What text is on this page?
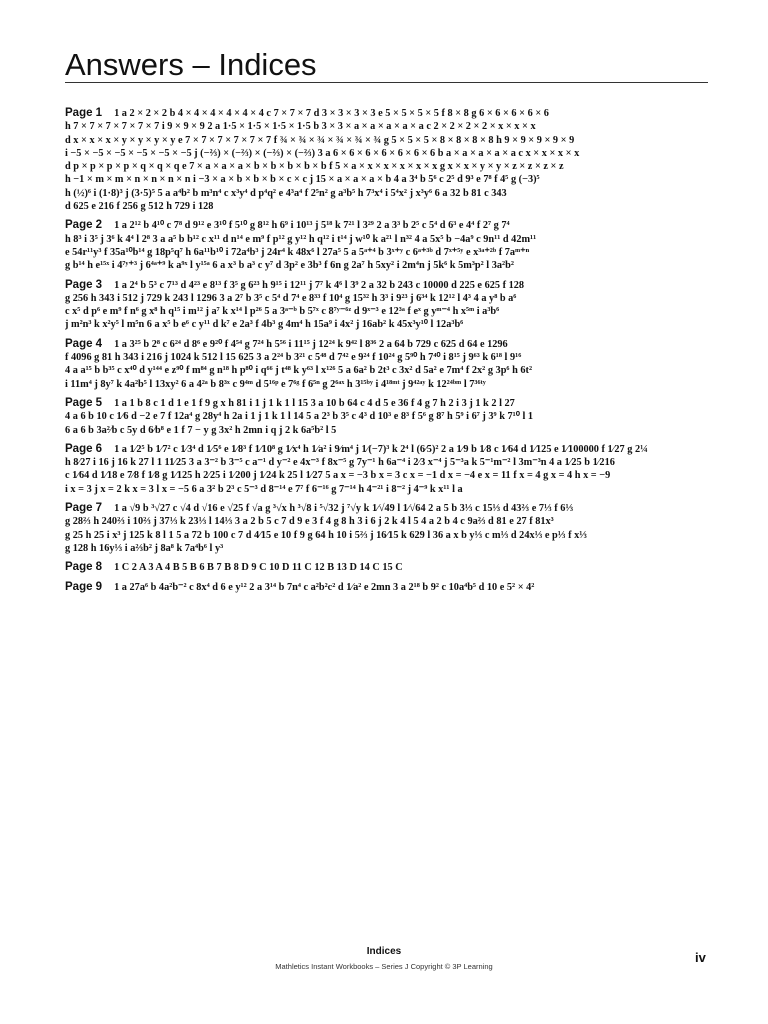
Answers – Indices
Page 1 1 a 2 × 2 × 2 b 4 × 4 × 4 × 4 × 4 × 4 c 7 × 7 × 7 d 3 × 3 × 3 × 3 e 5 × 5 × 5 × 5 f 8 × 8 g 6 × 6 × 6 × 6 × 6
h 7 × 7 × 7 × 7 × 7 × 7 i 9 × 9 × 9 2 a 1·5 × 1·5 × 1·5 × 1·5 b 3 × 3 × a × a × a × a × a c 2 × 2 × 2 × 2 × x × x × x
d x × x × x × y × y × y × y e 7 × 7 × 7 × 7 × 7 × 7 f ¾ × ¾ × ¾ × ¾ × ¾ × ¾ g 5 × 5 × 5 × 8 × 8 × 8 × 8 h 9 × 9 × 9 × 9 × 9
i −5 × −5 × −5 × −5 × −5 × −5 j (−⅔) × (−⅔) × (−⅔) × (−⅔) 3 a 6 × 6 × 6 × 6 × 6 × 6 × 6 b a × a × a × a × a c x × x × x × x
d p × p × p × p × q × q × q e 7 × a × a × a × b × b × b × b × b f 5 × a × x × x × x × x × x g x × x × y × y × z × z × z × z
h −1 × m × m × n × n × n × n i −3 × a × b × b × b × c × c j 15 × a × a × a × b 4 a 3⁴ b 5⁶ c 2⁵ d 9³ e 7⁸ f 4⁵ g (−3)⁵
h (½)⁶ i (1·8)³ j (3·5)⁵ 5 a a⁴b² b m³n⁴ c x³y⁴ d p⁴q² e 4³a⁴ f 2⁵n² g a³b⁵ h 7³x⁴ i 5⁴x² j x³y⁶ 6 a 32 b 81 c 343
d 625 e 216 f 256 g 512 h 729 i 128
Page 2 1 a 2¹² b 4¹⁰ c 7⁸ d 9¹² e 3¹⁰ f 5¹⁰ g 8¹² h 6⁹ i 10¹³ j 5¹⁸ k 7²¹ l 3²⁹ 2 a 3³ b 2⁵ c 5⁴ d 6³ e 4⁴ f 2⁷ g 7⁴
h 8³ i 3⁵ j 3⁶ k 4⁴ l 2⁸ 3 a a⁵ b b¹² c x¹¹ d n¹⁴ e m⁹ f p¹² g y¹² h q¹² i t¹⁴ j w¹⁰ k a²¹ l n³² 4 a 5x⁵ b −4a⁹ c 9n¹¹ d 42m¹¹
e 54r¹¹y³ f 35a¹⁰b¹⁴ g 18p⁵q⁷ h 6a¹¹b¹⁰ i 72a⁴b³ j 24r⁴ k 48x⁶ l 27a⁵ 5 a 5ᵃ⁺⁴ b 3ˣ⁺ʸ c 6ᵃ⁺³ᵇ d 7ˣ⁺⁵ʸ e x³ᵃ⁺²ᵇ f 7aᵐ⁺ⁿ
g b¹⁴ h e¹⁵ˣ i 4⁷ʸ⁺³ j 6⁴ᵃ⁺⁹ k a⁹ˣ l y¹⁵ᵃ 6 a x³ b a³ c y⁷ d 3p² e 3b³ f 6n g 2a⁷ h 5xy² i 2m⁴n j 5k⁶ k 5m³p² l 3a²b²
Page 3 1 a 2⁴ b 5³ c 7¹³ d 4²³ e 8¹³ f 3⁵ g 6²³ h 9¹⁵ i 12¹¹ j 7⁷ k 4⁶ l 3⁹ 2 a 32 b 243 c 10000 d 225 e 625 f 128
g 256 h 343 i 512 j 729 k 243 l 1296 3 a 2⁷ b 3⁵ c 5⁴ d 7⁴ e 8³³ f 10⁴ g 15³² h 3³ i 9²³ j 6³⁴ k 12¹² l 4³ 4 a y⁸ b a⁶
c x⁵ d p⁶ e m⁹ f n⁶ g x⁸ h q¹⁵ i m¹² j a⁷ k x¹⁴ l p²⁶ 5 a 3ᵃ⁻ᵇ b 5⁷ˣ c 8⁷ʸ⁻⁶ᶻ d 9ˣ⁻³ e 12³ᵃ f eˣ g yᵐ⁻⁴ h x⁵ᵐ i a³b⁶
j m²n³ k x²y⁵ l m⁵n 6 a x⁵ b e⁶ c y¹¹ d k⁷ e 2a³ f 4b³ g 4m⁴ h 15a⁹ i 4x² j 16ab² k 45x³y¹⁰ l 12a³b⁶
Page 4 1 a 3²⁵ b 2⁸ c 6²⁴ d 8⁶ e 9²⁰ f 4⁵⁴ g 7²⁴ h 5⁵⁶ i 11¹⁵ j 12²⁴ k 9⁴² l 8³⁶ 2 a 64 b 729 c 625 d 64 e 1296
f 4096 g 81 h 343 i 216 j 1024 k 512 l 15 625 3 a 2²⁴ b 3²¹ c 5⁴⁸ d 7⁴² e 9²⁴ f 10²⁴ g 5⁹⁰ h 7⁴⁰ i 8¹⁵ j 9⁶³ k 6¹⁸ l 9¹⁶
4 a a¹⁵ b b³⁵ c x⁴⁰ d y¹⁴⁴ e z⁹⁰ f m⁸⁴ g n¹⁸ h p⁸⁰ i q⁶⁶ j t⁴⁸ k y⁶³ l x¹²⁶ 5 a 6a² b 2t³ c 3x² d 5a² e 7m⁴ f 2x² g 3p⁶ h 6t²
i 11m⁴ j 8y⁷ k 4a²b⁵ l 13xy² 6 a 4²ᵃ b 8³ˣ c 9⁴ᵐ d 5¹⁶ᵖ e 7⁶ᵍ f 6⁵ⁿ g 2⁶ᵃˣ h 3¹⁵ᵇʸ i 4¹⁸ᵐᵗ j 9⁴²ᵃʸ k 12²⁴ᵇᵐ l 7³⁶ᵗʸ
Page 5 1 a 1 b 8 c 1 d 1 e 1 f 9 g x h 81 i 1 j 1 k 1 l 15 3 a 10 b 64 c 4 d 5 e 36 f 4 g 7 h 2 i 3 j 1 k 2 l 27
4 a 6 b 10 c 1⁄6 d −2 e 7 f 12a⁴ g 28y⁴ h 2a i 1 j 1 k 1 l 14 5 a 2³ b 3⁵ c 4³ d 10³ e 8³ f 5⁶ g 8⁷ h 5⁹ i 6⁷ j 3⁹ k 7¹⁰ l 1
6 a 6 b 3a²⁄b c 5y d 6⁄b⁸ e 1 f 7 − y g 3x² h 2mn i q j 2 k 6a⁵b² l 5
Page 6 1 a 1⁄2⁵ b 1⁄7² c 1⁄3⁴ d 1⁄5⁶ e 1⁄8³ f 1⁄10⁸ g 1⁄x⁴ h 1⁄a² i 9⁄m⁴ j 1⁄(−7)³ k 2⁴ l (6⁄5)² 2 a 1⁄9 b 1⁄8 c 1⁄64 d 1⁄125 e 1⁄100000 f 1⁄27 g 2¼
h 8⁄27 i 16 j 16 k 27 l 1 11⁄25 3 a 3⁻² b 3⁻⁵ c a⁻¹ d y⁻² e 4x⁻³ f 8x⁻⁵ g 7y⁻¹ h 6a⁻⁴ i 2⁄3 x⁻⁴ j 5⁻³a k 5⁻¹m⁻² l 3m⁻³n 4 a 1⁄25 b 1⁄216
c 1⁄64 d 1⁄18 e 7⁄8 f 1⁄8 g 1⁄125 h 2⁄25 i 1⁄200 j 1⁄24 k 25 l 1⁄27 5 a x = −3 b x = 3 c x = −1 d x = −4 e x = 11 f x = 4 g x = 4 h x = −9
i x = 3 j x = 2 k x = 3 l x = −5 6 a 3² b 2³ c 5⁻³ d 8⁻¹⁴ e 7⁷ f 6⁻¹⁶ g 7⁻¹⁴ h 4⁻²¹ i 8⁻² j 4⁻⁹ k x¹¹ l a
Page 7 1 a √9 b ³√27 c √4 d √16 e √25 f √a g ³√x h ³√8 i ⁵√32 j ⁷√y k 1⁄√49 l 1⁄√64 2 a 5 b 3⅓ c 15⅓ d 43⅔ e 7⅓ f 6⅓
g 28⅔ h 240⅔ i 10⅔ j 37⅓ k 23⅓ l 14⅓ 3 a 2 b 5 c 7 d 9 e 3 f 4 g 8 h 3 i 6 j 2 k 4 l 5 4 a 2 b 4 c 9a⅔ d 81 e 27 f 81x³
g 25 h 25 i x³ j 125 k 8 l 1 5 a 72 b 100 c 7 d 4⁄15 e 10 f 9 g 64 h 10 i 5⅔ j 16⁄15 k 629 l 36 a x b y⅓ c m⅓ d 24x⅓ e p⅓ f x⅓
g 128 h 16y⅓ i a⅔b² j 8a⁸ k 7a⁴b⁶ l y³
Page 8 1 C 2 A 3 A 4 B 5 B 6 B 7 B 8 D 9 C 10 D 11 C 12 B 13 D 14 C 15 C
Page 9 1 a 27a⁶ b 4a²b⁻² c 8x⁴ d 6 e y¹² 2 a 3¹⁴ b 7n⁴ c a²b²c² d 1⁄a² e 2mn 3 a 2¹⁸ b 9² c 10a⁴b⁵ d 10 e 5² × 4²
Indices
Mathletics Instant Workbooks – Series J Copyright © 3P Learning
iv
